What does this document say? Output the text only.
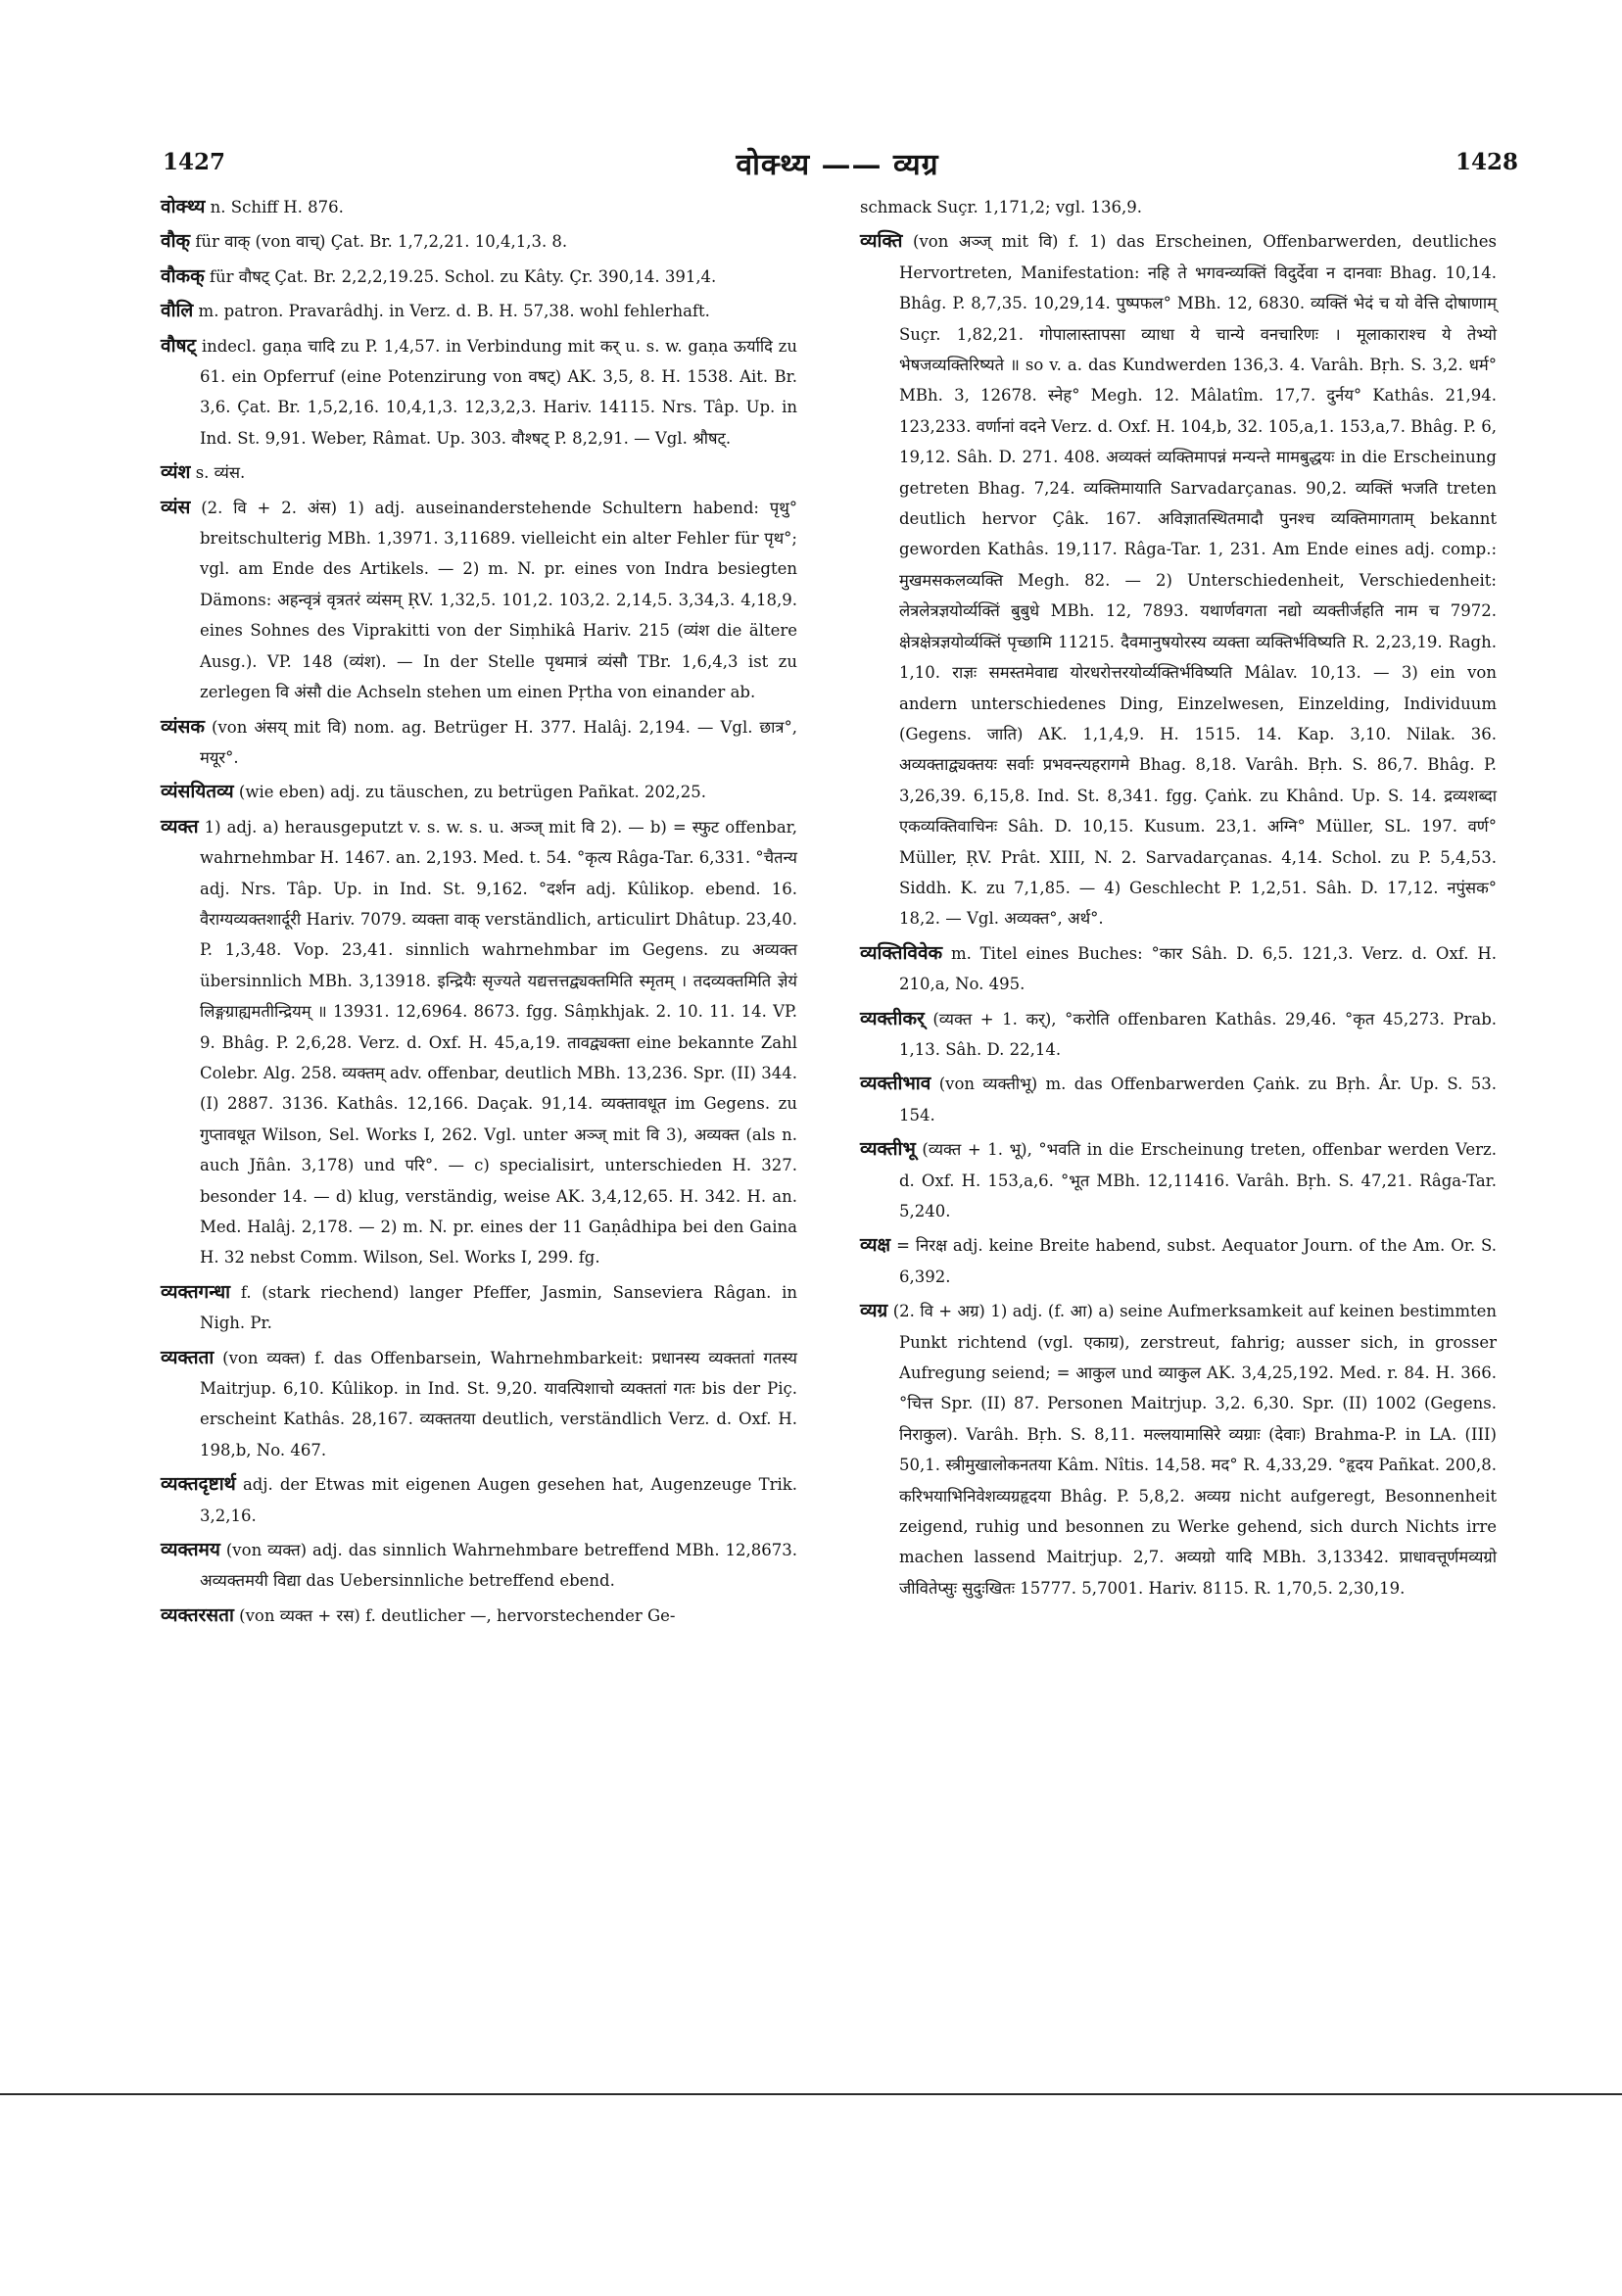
1427	वोक्थ्य —— व्यग्र	1428

वोक्थ्य n. Schiff H. 876.

वौक् für वाक् (von वाच्) Çat. Br. 1,7,2,21. 10,4,1,3. 8.

वौकक् für वौषट् Çat. Br. 2,2,2,19.25. Schol. zu Kâty. Çr. 390,14. 391,4.

वौलि m. patron. Pravarâdhj. in Verz. d. B. H. 57,38. wohl fehlerhaft.

वौषट् indecl. gaṇa चादि zu P. 1,4,57. in Verbindung mit कर् u. s. w. gaṇa ऊर्यादि zu 61. ein Opferruf (eine Potenzirung von वषट्) AK. 3,5, 8. H. 1538. Ait. Br. 3,6. Çat. Br. 1,5,2,16. 10,4,1,3. 12,3,2,3. Hariv. 14115. Nrs. Tâp. Up. in Ind. St. 9,91. Weber, Râmat. Up. 303. वौश्षट् P. 8,2,91. — Vgl. श्रौषट्.

व्यंश s. व्यंस.

व्यंस (2. वि + 2. अंस) 1) adj. auseinanderstehende Schultern habend: पृथु° breitschulterig MBh. 1,3971. 3,11689. vielleicht ein alter Fehler für पृथ°; vgl. am Ende des Artikels. — 2) m. N. pr. eines von Indra besiegten Dämons: अहन्वृत्रं वृत्रतरं व्यंसम् ṚV. 1,32,5. 101,2. 103,2. 2,14,5. 3,34,3. 4,18,9. eines Sohnes des Viprakitti von der Siṃhikâ Hariv. 215 (व्यंश die ältere Ausg.). VP. 148 (व्यंश). — In der Stelle पृथमात्रं व्यंसौ TBr. 1,6,4,3 ist zu zerlegen वि अंसौ die Achseln stehen um einen Pṛtha von einander ab.

व्यंसक (von अंसय् mit वि) nom. ag. Betrüger H. 377. Halâj. 2,194. — Vgl. छात्र°, मयूर°.

व्यंसयितव्य (wie eben) adj. zu täuschen, zu betrügen Pañkat. 202,25.

व्यक्त 1) adj. a) herausgeputzt v. s. w. s. u. अञ्ज् mit वि 2). — b) = स्फुट offenbar, wahrnehmbar H. 1467. an. 2,193. Med. t. 54. °कृत्य Râga-Tar. 6,331. °चैतन्य adj. Nrs. Tâp. Up. in Ind. St. 9,162. °दर्शन adj. Kûlikop. ebend. 16. वैराग्यव्यक्तशार्दूरी Hariv. 7079. व्यक्ता वाक् verständlich, articulirt Dhâtup. 23,40. P. 1,3,48. Vop. 23,41. sinnlich wahrnehmbar im Gegens. zu अव्यक्त übersinnlich MBh. 3,13918. इन्द्रियैः सृज्यते यद्यत्तत्तद्व्यक्तमिति स्मृतम् । तदव्यक्तमिति ज्ञेयं लिङ्गग्राह्यमतीन्द्रियम् ॥ 13931. 12,6964. 8673. fgg. Sâṃkhjak. 2. 10. 11. 14. VP. 9. Bhâg. P. 2,6,28. Verz. d. Oxf. H. 45,a,19. तावद्व्यक्ता eine bekannte Zahl Colebr. Alg. 258. व्यक्तम् adv. offenbar, deutlich MBh. 13,236. Spr. (II) 344. (I) 2887. 3136. Kathâs. 12,166. Daçak. 91,14. व्यक्तावधूत im Gegens. zu गुप्तावधूत Wilson, Sel. Works I, 262. Vgl. unter अञ्ज् mit वि 3), अव्यक्त (als n. auch Jñân. 3,178) und परि°. — c) specialisirt, unterschieden H. 327. besonder 14. — d) klug, verständig, weise AK. 3,4,12,65. H. 342. H. an. Med. Halâj. 2,178. — 2) m. N. pr. eines der 11 Gaṇâdhipa bei den Gaina H. 32 nebst Comm. Wilson, Sel. Works I, 299. fg.

व्यक्तगन्धा f. (stark riechend) langer Pfeffer, Jasmin, Sanseviera Râgan. in Nigh. Pr.

व्यक्तता (von व्यक्त) f. das Offenbarsein, Wahrnehmbarkeit: प्रधानस्य व्यक्ततां गतस्य Maitrjup. 6,10. Kûlikop. in Ind. St. 9,20. यावत्पिशाचो व्यक्ततां गतः bis der Piç. erscheint Kathâs. 28,167. व्यक्ततया deutlich, verständlich Verz. d. Oxf. H. 198,b, No. 467.

व्यक्तदृष्टार्थ adj. der Etwas mit eigenen Augen gesehen hat, Augenzeuge Trik. 3,2,16.

व्यक्तमय (von व्यक्त) adj. das sinnlich Wahrnehmbare betreffend MBh. 12,8673. अव्यक्तमयी विद्या das Uebersinnliche betreffend ebend.

व्यक्तरसता (von व्यक्त + रस) f. deutlicher —, hervorstechender Ge-

schmack Suçr. 1,171,2; vgl. 136,9.

व्यक्ति (von अञ्ज् mit वि) f. 1) das Erscheinen, Offenbarwerden, deutliches Hervortreten, Manifestation: नहि ते भगवन्व्यक्तिं विदुर्देवा न दानवाः Bhag. 10,14. Bhâg. P. 8,7,35. 10,29,14. पुष्पफल° MBh. 12, 6830. व्यक्तिं भेदं च यो वेत्ति दोषाणाम् Suçr. 1,82,21. गोपालास्तापसा व्याधा ये चान्ये वनचारिणः । मूलाकाराश्च ये तेभ्यो भेषजव्यक्तिरिष्यते ॥ so v. a. das Kundwerden 136,3. 4. Varâh. Bṛh. S. 3,2. धर्म° MBh. 3, 12678. स्नेह° Megh. 12. Mâlatîm. 17,7. दुर्नय° Kathâs. 21,94. 123,233. वर्णानां वदने Verz. d. Oxf. H. 104,b, 32. 105,a,1. 153,a,7. Bhâg. P. 6, 19,12. Sâh. D. 271. 408. अव्यक्तं व्यक्तिमापन्नं मन्यन्ते मामबुद्धयः in die Erscheinung getreten Bhag. 7,24. व्यक्तिमायाति Sarvadarçanas. 90,2. व्यक्तिं भजति treten deutlich hervor Çâk. 167. अविज्ञातस्थितमादौ पुनश्च व्यक्तिमागताम् bekannt geworden Kathâs. 19,117. Râga-Tar. 1, 231. Am Ende eines adj. comp.: मुखमसकलव्यक्ति Megh. 82. — 2) Unterschiedenheit, Verschiedenheit: लेत्रलेत्रज्ञयोर्व्यक्तिं बुबुधे MBh. 12, 7893. यथार्णवगता नद्यो व्यक्तीर्जहति नाम च 7972. क्षेत्रक्षेत्रज्ञयोर्व्यक्तिं पृच्छामि 11215. दैवमानुषयोरस्य व्यक्ता व्यक्तिर्भविष्यति R. 2,23,19. Ragh. 1,10. राज्ञः समस्तमेवाद्य योरधरोत्तरयोर्व्यक्तिर्भविष्यति Mâlav. 10,13. — 3) ein von andern unterschiedenes Ding, Einzelwesen, Einzelding, Individuum (Gegens. जाति) AK. 1,1,4,9. H. 1515. 14. Kap. 3,10. Nilak. 36. अव्यक्ताद्व्यक्तयः सर्वाः प्रभवन्त्यहरागमे Bhag. 8,18. Varâh. Bṛh. S. 86,7. Bhâg. P. 3,26,39. 6,15,8. Ind. St. 8,341. fgg. Çaṅk. zu Khând. Up. S. 14. द्रव्यशब्दा एकव्यक्तिवाचिनः Sâh. D. 10,15. Kusum. 23,1. अग्नि° Müller, SL. 197. वर्ण° Müller, ṚV. Prât. XIII, N. 2. Sarvadarçanas. 4,14. Schol. zu P. 5,4,53. Siddh. K. zu 7,1,85. — 4) Geschlecht P. 1,2,51. Sâh. D. 17,12. नपुंसक° 18,2. — Vgl. अव्यक्त°, अर्थ°.

व्यक्तिविवेक m. Titel eines Buches: °कार Sâh. D. 6,5. 121,3. Verz. d. Oxf. H. 210,a, No. 495.

व्यक्तीकर् (व्यक्त + 1. कर्), °करोति offenbaren Kathâs. 29,46. °कृत 45,273. Prab. 1,13. Sâh. D. 22,14.

व्यक्तीभाव (von व्यक्तीभू) m. das Offenbarwerden Çaṅk. zu Bṛh. Âr. Up. S. 53. 154.

व्यक्तीभू (व्यक्त + 1. भू), °भवति in die Erscheinung treten, offenbar werden Verz. d. Oxf. H. 153,a,6. °भूत MBh. 12,11416. Varâh. Bṛh. S. 47,21. Râga-Tar. 5,240.

व्यक्ष = निरक्ष adj. keine Breite habend, subst. Aequator Journ. of the Am. Or. S. 6,392.

व्यग्र (2. वि + अग्र) 1) adj. (f. आ) a) seine Aufmerksamkeit auf keinen bestimmten Punkt richtend (vgl. एकाग्र), zerstreut, fahrig; ausser sich, in grosser Aufregung seiend; = आकुल und व्याकुल AK. 3,4,25,192. Med. r. 84. H. 366. °चित्त Spr. (II) 87. Personen Maitrjup. 3,2. 6,30. Spr. (II) 1002 (Gegens. निराकुल). Varâh. Bṛh. S. 8,11. मल्लयामासिरे व्यग्राः (देवाः) Brahma-P. in LA. (III) 50,1. स्त्रीमुखालोकनतया Kâm. Nîtis. 14,58. मद° R. 4,33,29. °हृदय Pañkat. 200,8. करिभयाभिनिवेशव्यग्रहृदया Bhâg. P. 5,8,2. अव्यग्र nicht aufgeregt, Besonnenheit zeigend, ruhig und besonnen zu Werke gehend, sich durch Nichts irre machen lassend Maitrjup. 2,7. अव्यग्रो यादि MBh. 3,13342. प्राधावत्तूर्णमव्यग्रो जीवितेप्सुः सुदुःखितः 15777. 5,7001. Hariv. 8115. R. 1,70,5. 2,30,19.
